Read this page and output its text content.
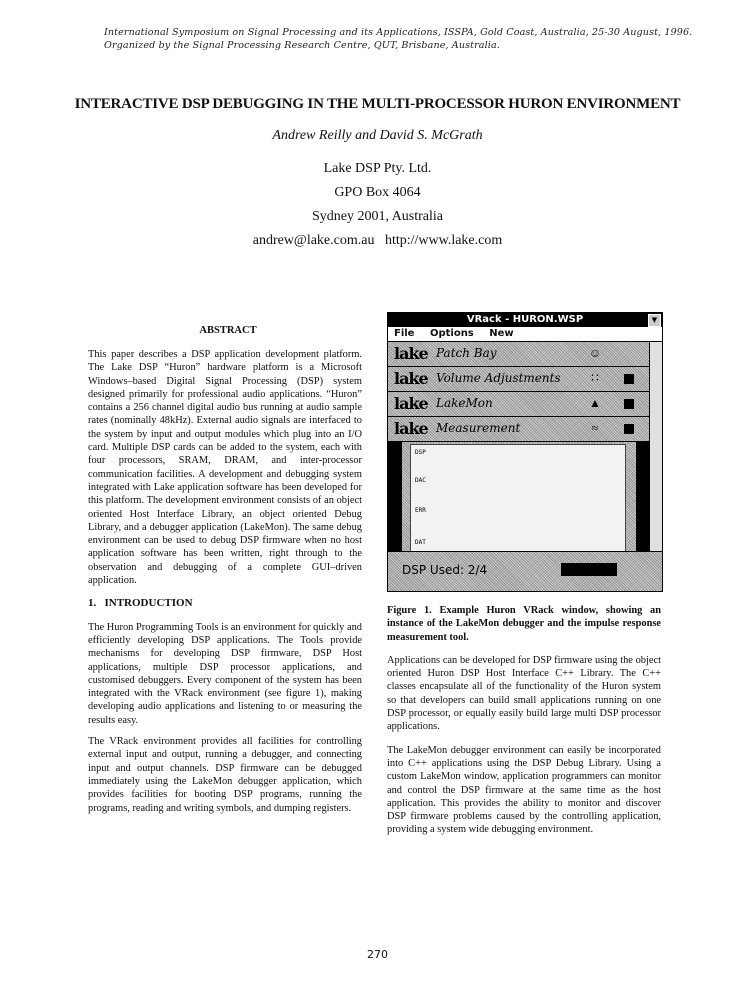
International Symposium on Signal Processing and its Applications, ISSPA, Gold Coast, Australia, 25-30 August, 1996.
Organized by the Signal Processing Research Centre, QUT, Brisbane, Australia.
INTERACTIVE DSP DEBUGGING IN THE MULTI-PROCESSOR HURON ENVIRONMENT
Andrew Reilly and David S. McGrath
Lake DSP Pty. Ltd.
GPO Box 4064
Sydney 2001, Australia
andrew@lake.com.au   http://www.lake.com
ABSTRACT

This paper describes a DSP application development platform. The Lake DSP “Huron” hardware platform is a Microsoft Windows–based Digital Signal Processing (DSP) system designed primarily for professional audio applications. “Huron” contains a 256 channel digital audio bus running at audio sample rates (nominally 48kHz). External audio signals are interfaced to the system by input and output modules which plug into an I/O card. Multiple DSP cards can be added to the system, each with four processors, SRAM, DRAM, and inter-processor communication facilities. A development and debugging system integrated with Lake application software has been developed for this platform. The development environment consists of an object oriented Host Interface Library, an object oriented Debug Library, and a debugger application (LakeMon). The same debug environment can be used to debug DSP firmware when no host application software has been written, right through to the observation and debugging of a complete GUI–driven application.

1.   INTRODUCTION

The Huron Programming Tools is an environment for quickly and efficiently developing DSP applications. The Tools provide mechanisms for developing DSP firmware, DSP Host applications, multiple DSP processor applications, and customised debuggers. Every component of the system has been integrated with the VRack environment (see figure 1), making developing audio applications and listening to or measuring the results easy.

The VRack environment provides all facilities for controlling external input and output, running a debugger, and connecting input and output channels. DSP firmware can be debugged immediately using the LakeMon debugger application, which provides facilities for booting DSP programs, running the programs, reading and writing symbols, and dumping registers.

VRack - HURON.WSP	▼
File Options New
lake Patch Bay	☺
lake Volume Adjustments	∷
lake LakeMon	▲
lake Measurement	≈
DSP
DAC
ERR
DAT
DSP Used: 2/4

Figure 1. Example Huron VRack window, showing an instance of the LakeMon debugger and the impulse response measurement tool.

Applications can be developed for DSP firmware using the object oriented Huron DSP Host Interface C++ Library. The C++ classes encapsulate all of the functionality of the Huron system so that developers can build small applications running on one DSP processor, or equally easily build large multi DSP processor applications.

The LakeMon debugger environment can easily be incorporated into C++ applications using the DSP Debug Library. Using a custom LakeMon window, application programmers can monitor and control the DSP firmware at the same time as the host application. This provides the ability to monitor and discover DSP firmware problems caused by the controlling application, providing a system wide debugging environment.

270
